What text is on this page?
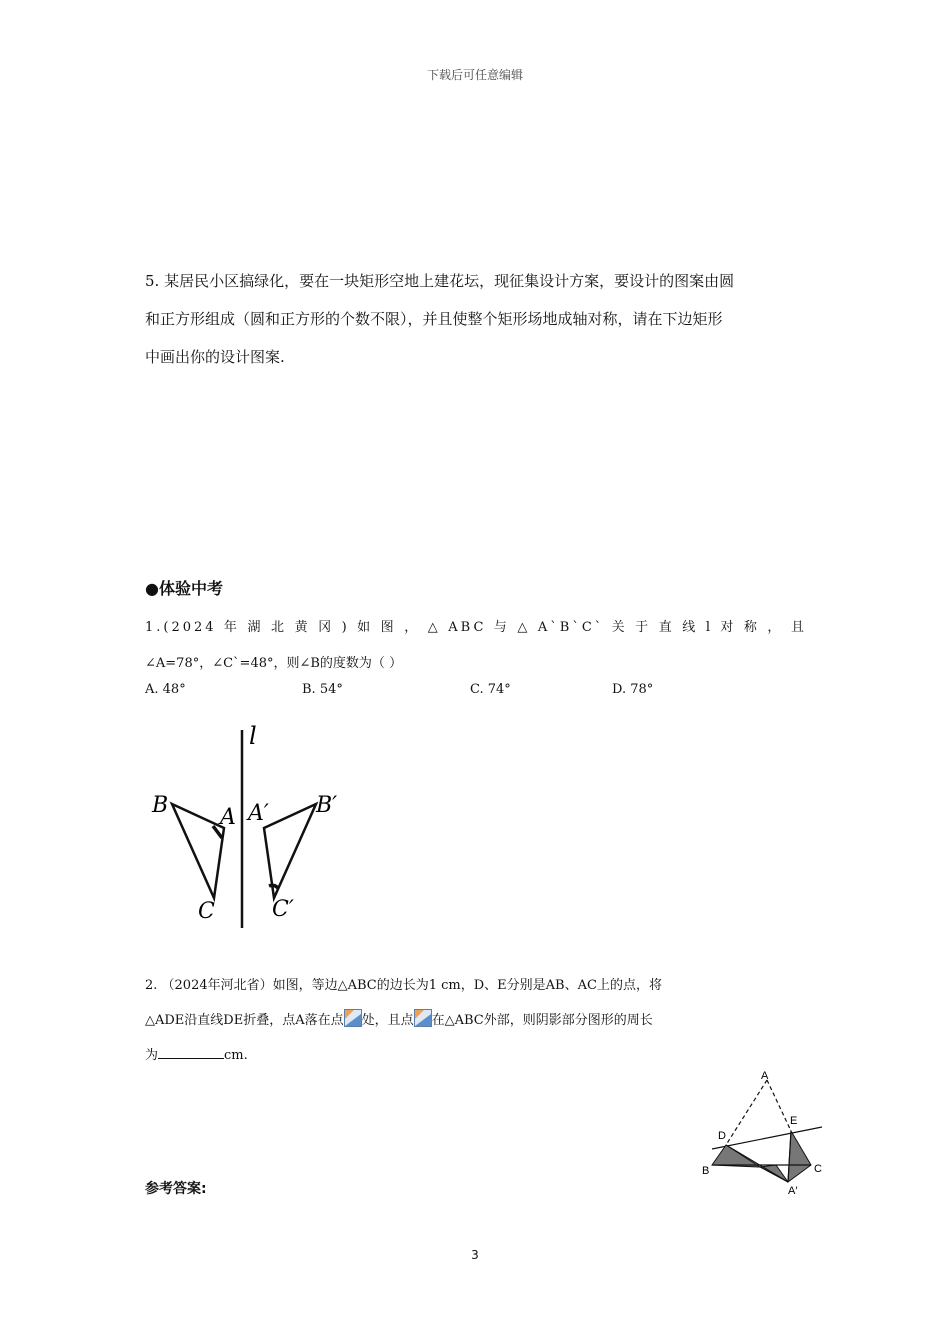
下载后可任意编辑
5. 某居民小区搞绿化，要在一块矩形空地上建花坛，现征集设计方案，要设计的图案由圆
和正方形组成（圆和正方形的个数不限），并且使整个矩形场地成轴对称，请在下边矩形
中画出你的设计图案.
●体验中考
1.(2024 年 湖 北 黄 冈 ) 如 图 ， △ ABC 与 △ A`B`C` 关 于 直 线 l 对 称 ， 且
∠A=78°，∠C`=48°，则∠B的度数为（ ）
A. 48°	B. 54°	C. 74°	D. 78°
l
B A
C
A′ B′
C′
2. （2024年河北省）如图，等边△ABC的边长为1 cm，D、E分别是AB、AC上的点，将
△ADE沿直线DE折叠，点A落在点 处，且点 在△ABC外部，则阴影部分图形的周长
为	cm.
A
E
D
B	C
A′
参考答案:
3
